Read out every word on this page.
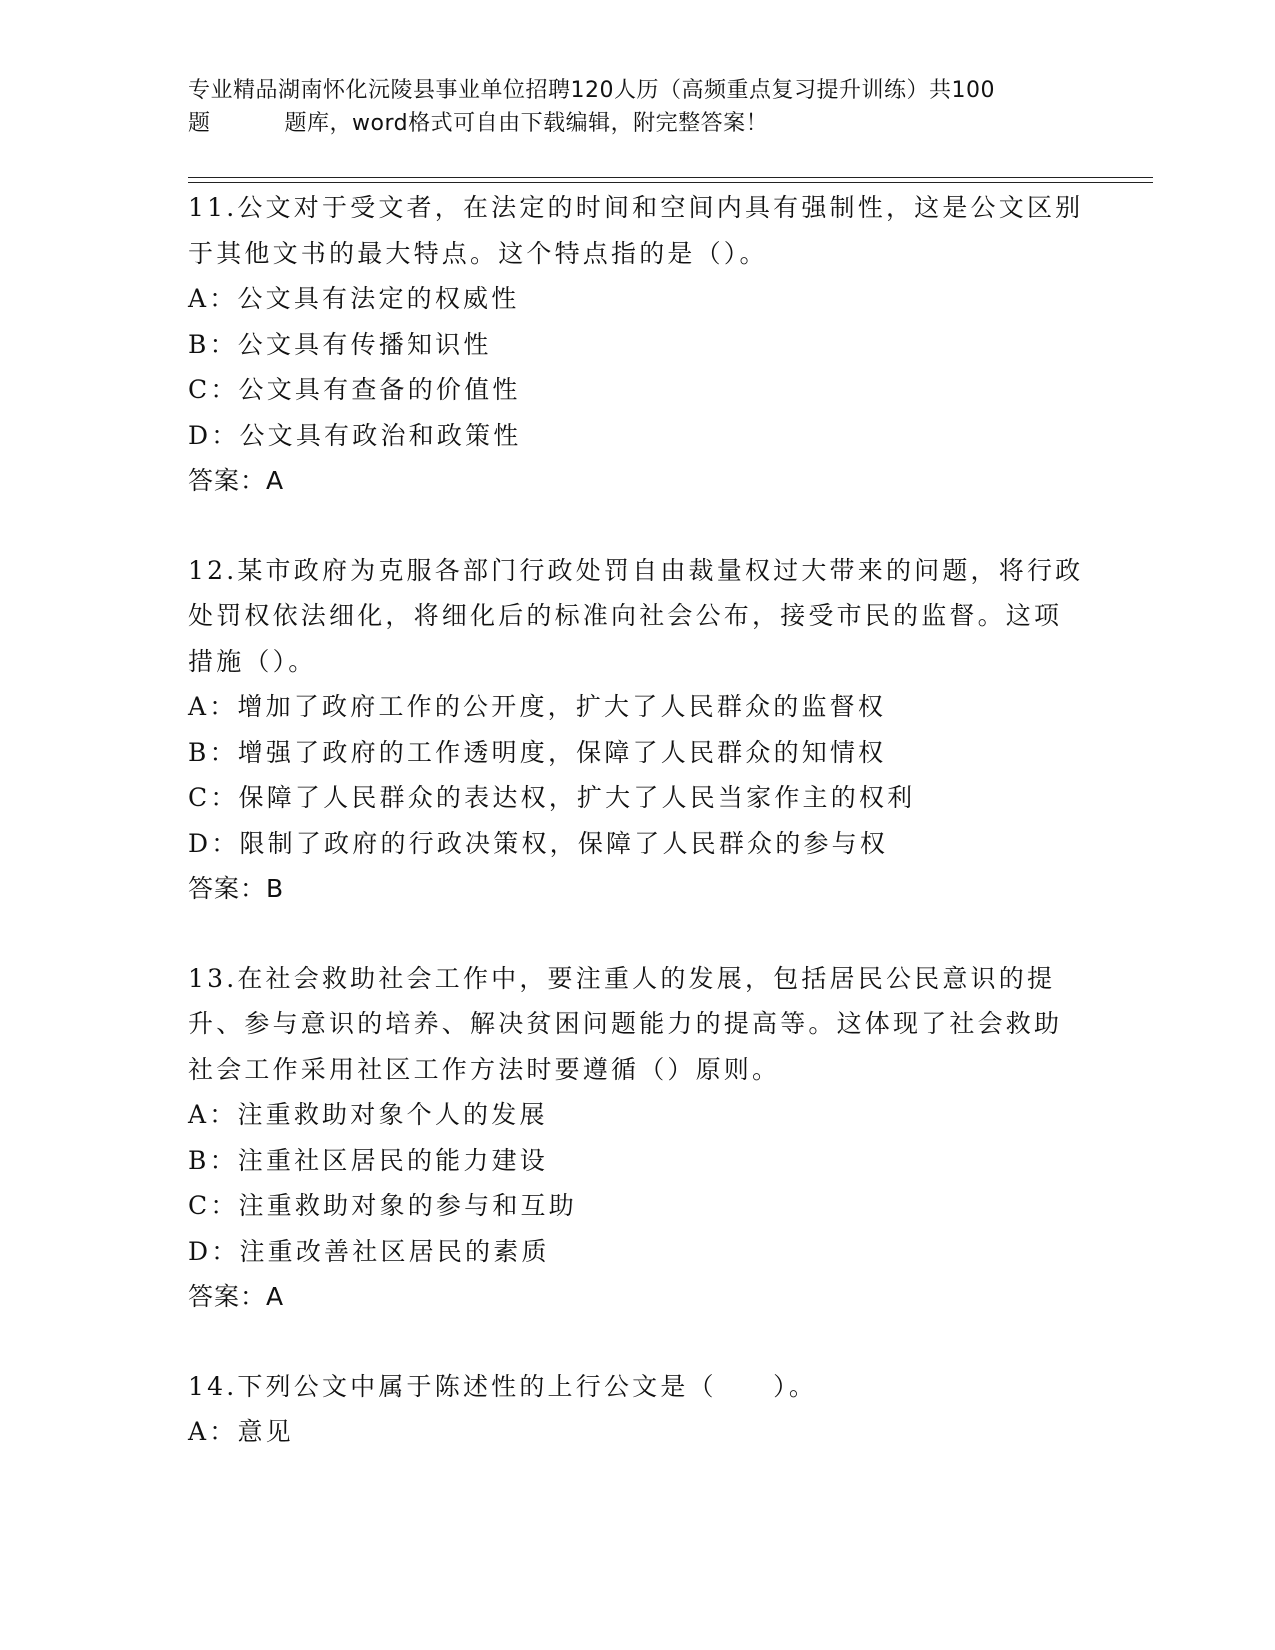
专业精品湖南怀化沅陵县事业单位招聘120人历（高频重点复习提升训练）共100
题	题库，word格式可自由下载编辑，附完整答案！
11.公文对于受文者，在法定的时间和空间内具有强制性，这是公文区别于其他文书的最大特点。这个特点指的是（）。
A：公文具有法定的权威性
B：公文具有传播知识性
C：公文具有查备的价值性
D：公文具有政治和政策性
答案：A
12.某市政府为克服各部门行政处罚自由裁量权过大带来的问题，将行政处罚权依法细化，将细化后的标准向社会公布，接受市民的监督。这项措施（）。
A：增加了政府工作的公开度，扩大了人民群众的监督权
B：增强了政府的工作透明度，保障了人民群众的知情权
C：保障了人民群众的表达权，扩大了人民当家作主的权利
D：限制了政府的行政决策权，保障了人民群众的参与权
答案：B
13.在社会救助社会工作中，要注重人的发展，包括居民公民意识的提升、参与意识的培养、解决贫困问题能力的提高等。这体现了社会救助社会工作采用社区工作方法时要遵循（）原则。
A：注重救助对象个人的发展
B：注重社区居民的能力建设
C：注重救助对象的参与和互助
D：注重改善社区居民的素质
答案：A
14.下列公文中属于陈述性的上行公文是（　　）。
A：意见
